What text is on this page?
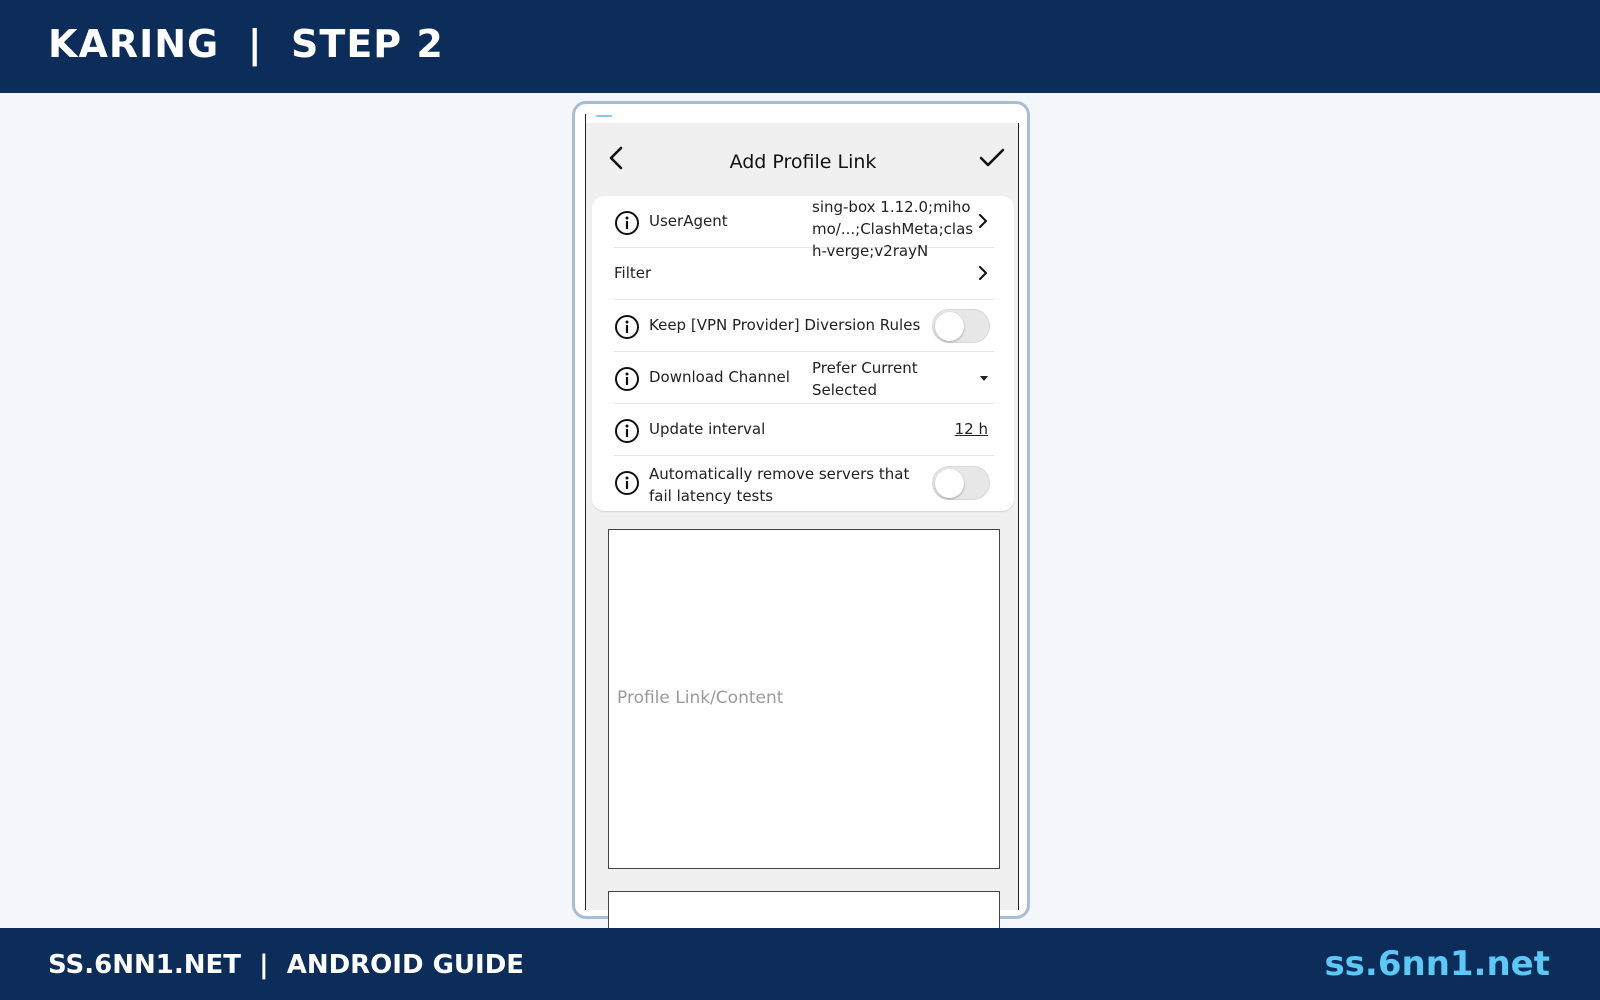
KARING  |  STEP 2
Add Profile Link
UserAgent
sing-box 1.12.0;mihomo/...;ClashMeta;clash-verge;v2rayN
Filter
Keep [VPN Provider] Diversion Rules
Download Channel Prefer Current Selected
Update interval	12 h
Automatically remove servers that fail latency tests
Profile Link/Content
SS.6NN1.NET  |  ANDROID GUIDE	ss.6nn1.net
